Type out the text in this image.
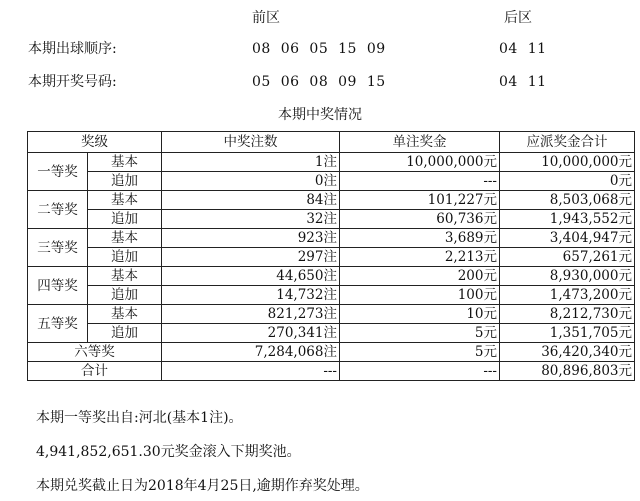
前区	后区
本期出球顺序:	08  06  05  15  09	04  11
本期开奖号码:	05  06  08  09  15	04  11
本期中奖情况
奖级		中奖注数	单注奖金	应派奖金合计
一等奖	基本	1注	10,000,000元	10,000,000元
	追加	0注	---	0元
二等奖	基本	84注	101,227元	8,503,068元
	追加	32注	60,736元	1,943,552元
三等奖	基本	923注	3,689元	3,404,947元
	追加	297注	2,213元	657,261元
四等奖	基本	44,650注	200元	8,930,000元
	追加	14,732注	100元	1,473,200元
五等奖	基本	821,273注	10元	8,212,730元
	追加	270,341注	5元	1,351,705元
六等奖		7,284,068注	5元	36,420,340元
合计		---	---	80,896,803元
本期一等奖出自:河北(基本1注)。
4,941,852,651.30元奖金滚入下期奖池。
本期兑奖截止日为2018年4月25日,逾期作弃奖处理。
